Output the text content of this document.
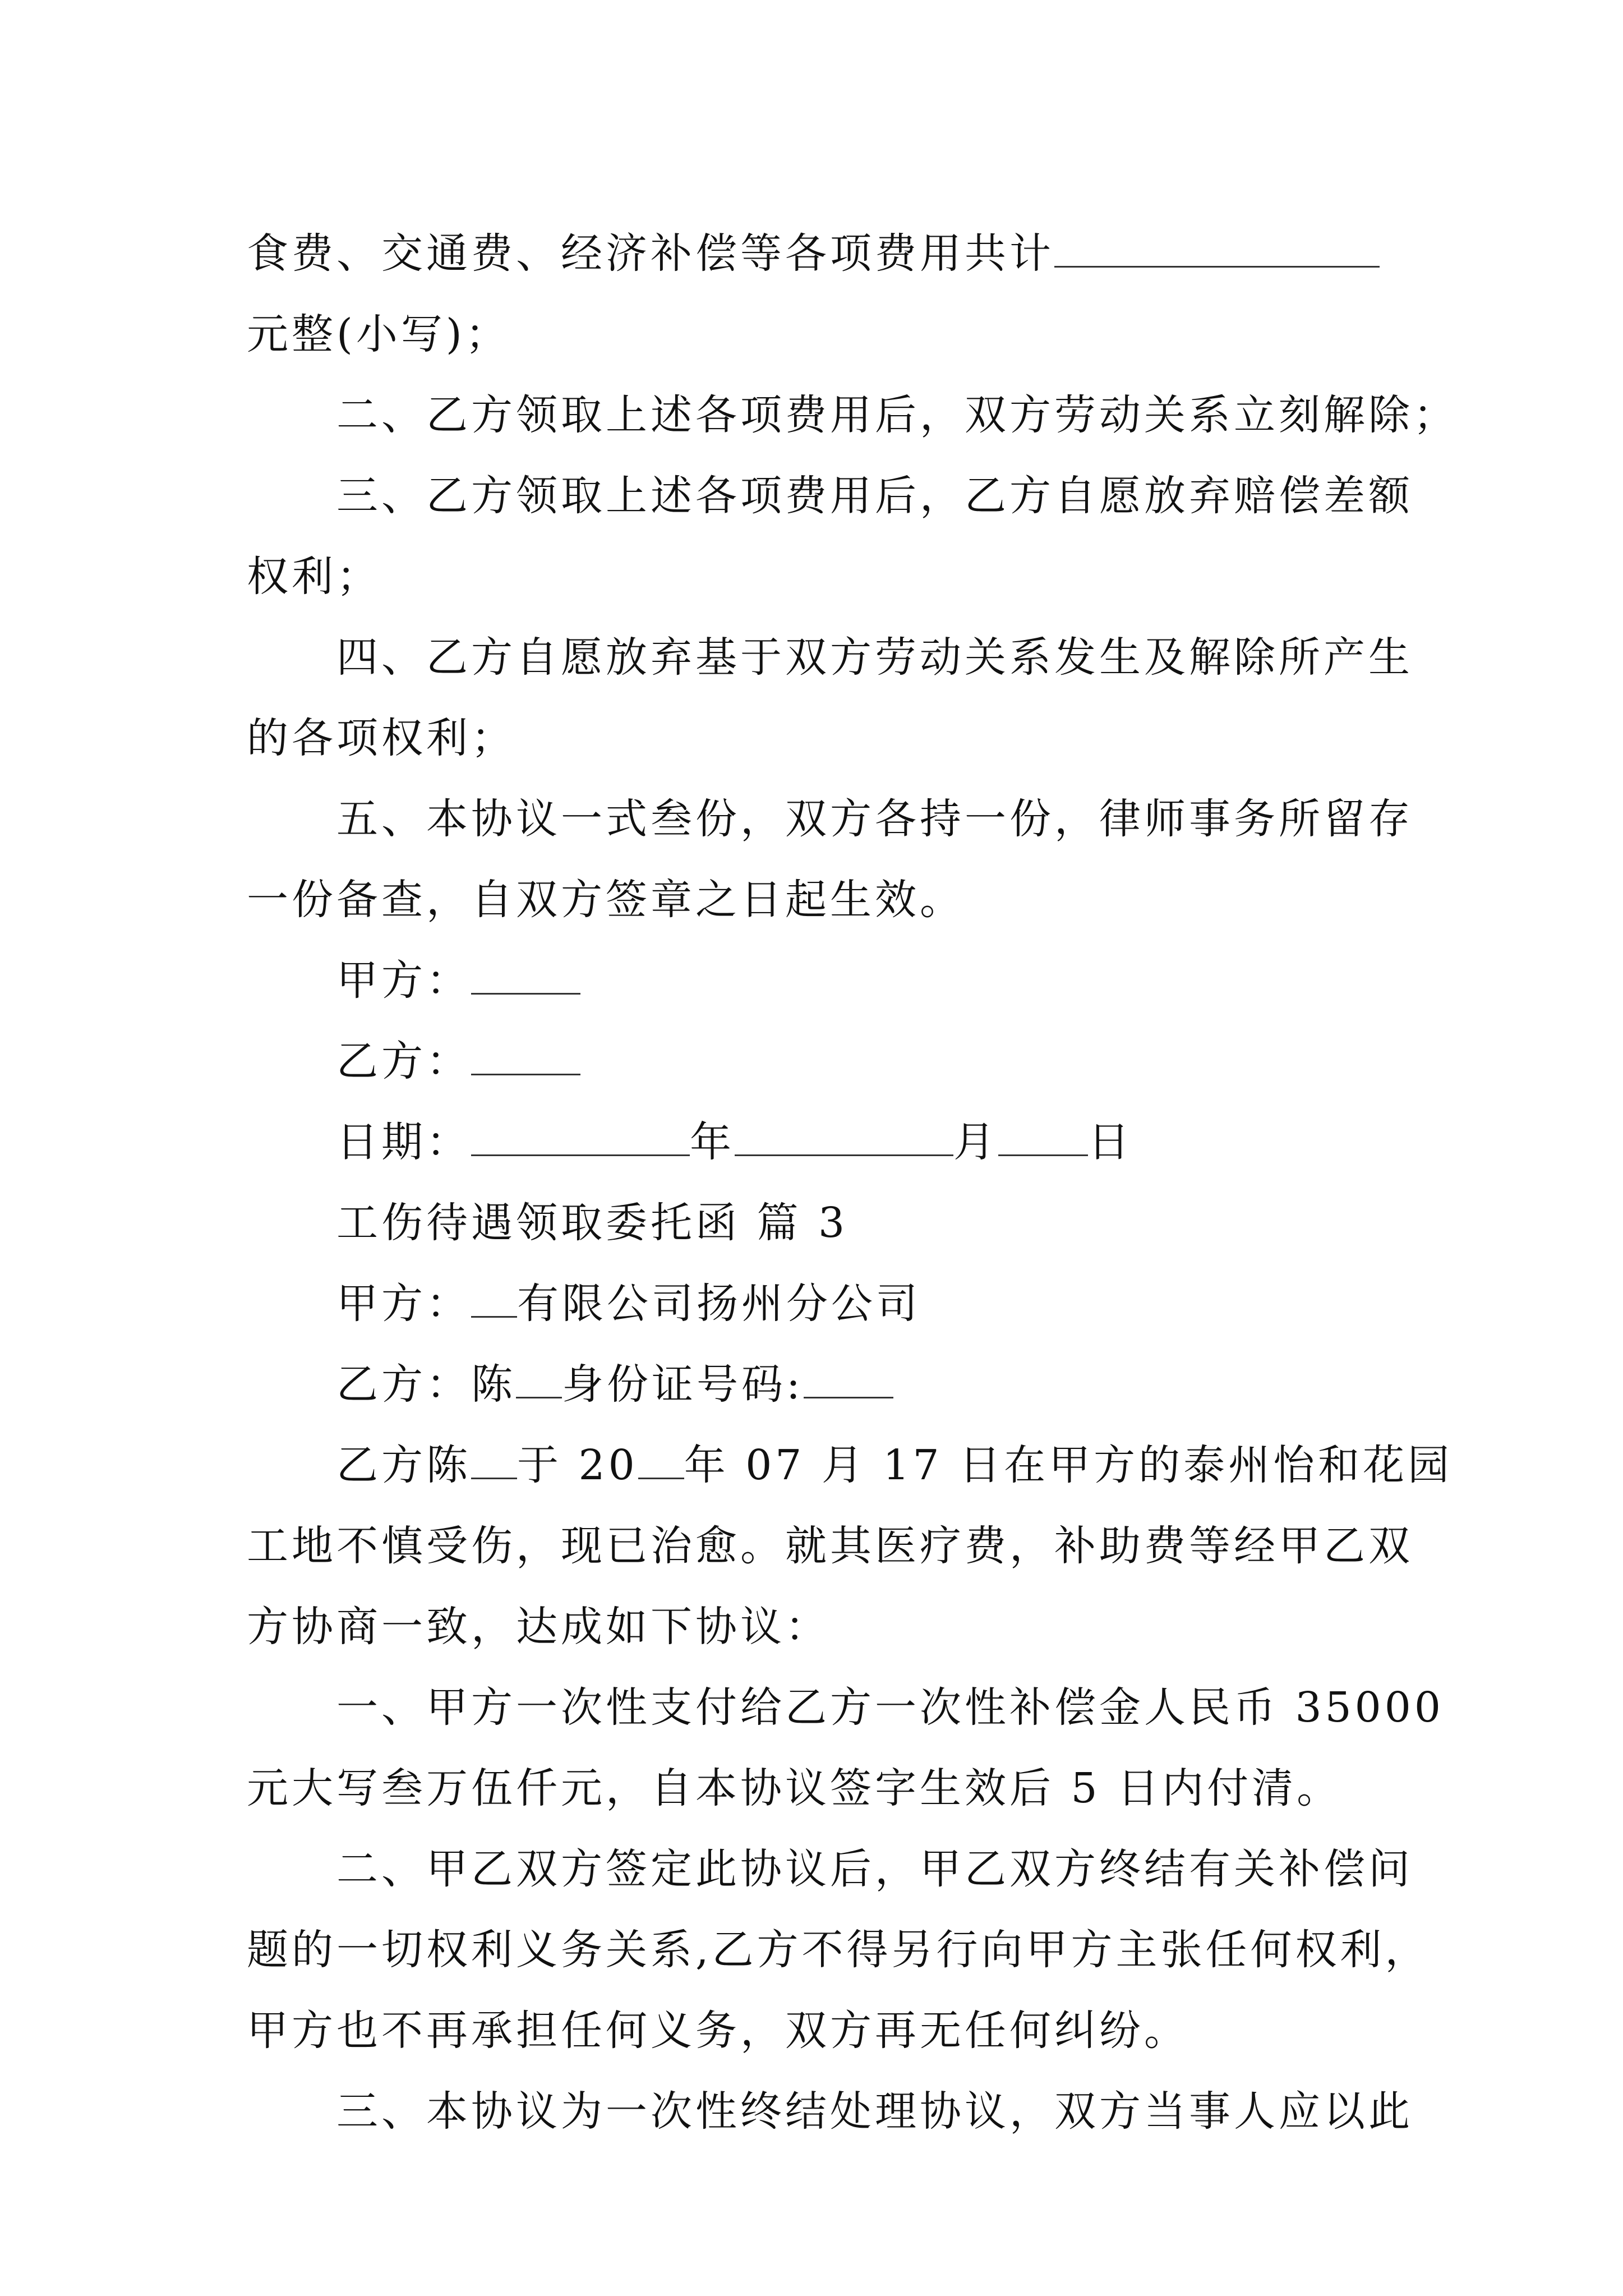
食费、交通费、经济补偿等各项费用共计
元整(小写)；
二、乙方领取上述各项费用后，双方劳动关系立刻解除；
三、乙方领取上述各项费用后，乙方自愿放弃赔偿差额
权利；
四、乙方自愿放弃基于双方劳动关系发生及解除所产生
的各项权利；
五、本协议一式叁份，双方各持一份，律师事务所留存
一份备查，自双方签章之日起生效。
甲方：
乙方：
日期：	年	月 日
工伤待遇领取委托函 篇 3
甲方： 有限公司扬州分公司
乙方：陈 身份证号码:
乙方陈 于 20 年 07 月 17 日在甲方的泰州怡和花园
工地不慎受伤，现已治愈。就其医疗费，补助费等经甲乙双
方协商一致，达成如下协议：
一、甲方一次性支付给乙方一次性补偿金人民币 35000
元大写叁万伍仟元，自本协议签字生效后 5 日内付清。
二、甲乙双方签定此协议后，甲乙双方终结有关补偿问
题的一切权利义务关系,乙方不得另行向甲方主张任何权利，
甲方也不再承担任何义务，双方再无任何纠纷。
三、本协议为一次性终结处理协议，双方当事人应以此
